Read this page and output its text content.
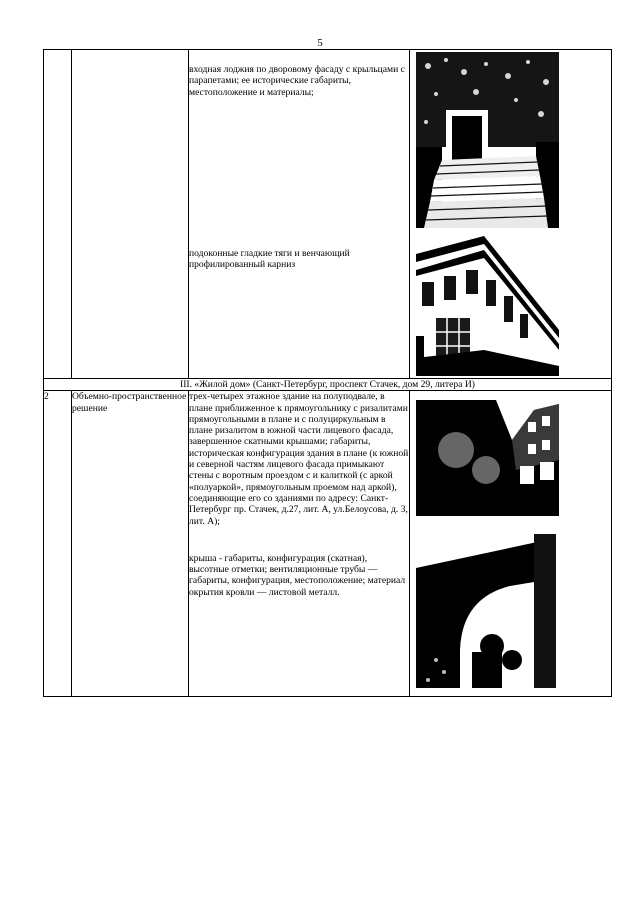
5

		входная лоджия по дворовому фасаду с крыльцами с парапетами; ее исторические габариты, местоположение и материалы;
подоконные гладкие тяги и венчающий профилированный карниз

III. «Жилой дом» (Санкт-Петербург, проспект Стачек, дом 29, литера И)			
2	Объемно-пространственное решение	трех-четырех этажное здание на полуподвале, в плане приближенное к прямоугольнику с ризалитами прямоугольными в плане и с полуциркульным в плане ризалитом в южной части лицевого фасада, завершенное скатными крышами; габариты, историческая конфигурация здания в плане (к южной и северной частям лицевого фасада примыкают стены с воротным проездом с и калиткой (с аркой «полуаркой», прямоугольным проемом над аркой), соединяющие его со зданиями по адресу: Санкт-Петербург пр. Стачек, д.27, лит. А, ул.Белоусова, д. 3, лит. А);
крыша - габариты, конфигурация (скатная), высотные отметки; вентиляционные трубы — габариты, конфигурация, местоположение; материал окрытия кровли — листовой металл.
